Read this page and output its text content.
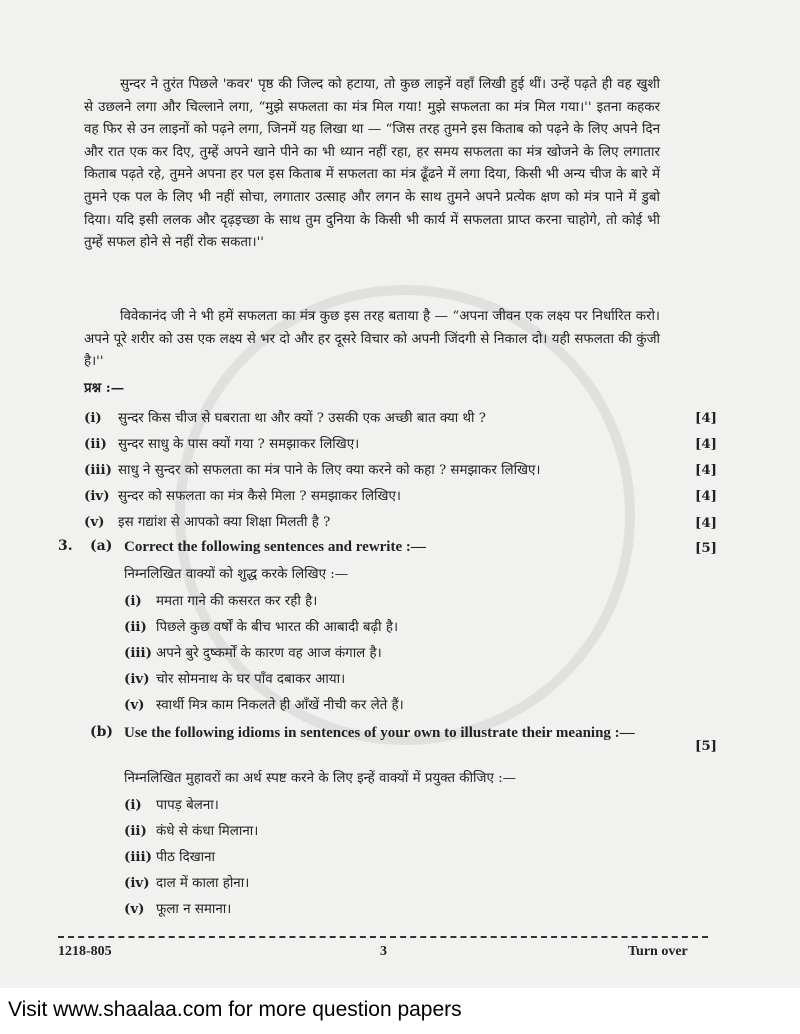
सुन्दर ने तुरंत पिछले 'कवर' पृष्ठ की जिल्द को हटाया, तो कुछ लाइनें वहाँ लिखी हुई थीं। उन्हें पढ़ते ही वह खुशी से उछलने लगा और चिल्लाने लगा, “मुझे सफलता का मंत्र मिल गया! मुझे सफलता का मंत्र मिल गया।'' इतना कहकर वह फिर से उन लाइनों को पढ़ने लगा, जिनमें यह लिखा था — “जिस तरह तुमने इस किताब को पढ़ने के लिए अपने दिन और रात एक कर दिए, तुम्हें अपने खाने पीने का भी ध्यान नहीं रहा, हर समय सफलता का मंत्र खोजने के लिए लगातार किताब पढ़ते रहे, तुमने अपना हर पल इस किताब में सफलता का मंत्र ढूँढने में लगा दिया, किसी भी अन्य चीज के बारे में तुमने एक पल के लिए भी नहीं सोचा, लगातार उत्साह और लगन के साथ तुमने अपने प्रत्येक क्षण को मंत्र पाने में डुबो दिया। यदि इसी ललक और दृढ़इच्छा के साथ तुम दुनिया के किसी भी कार्य में सफलता प्राप्त करना चाहोगे, तो कोई भी तुम्हें सफल होने से नहीं रोक सकता।''
विवेकानंद जी ने भी हमें सफलता का मंत्र कुछ इस तरह बताया है — “अपना जीवन एक लक्ष्य पर निर्धारित करो। अपने पूरे शरीर को उस एक लक्ष्य से भर दो और हर दूसरे विचार को अपनी जिंदगी से निकाल दो। यही सफलता की कुंजी है।''
प्रश्न :—
(i) सुन्दर किस चीज से घबराता था और क्यों ? उसकी एक अच्छी बात क्या थी ?	[4]
(ii) सुन्दर साधु के पास क्यों गया ? समझाकर लिखिए।	[4]
(iii) साधु ने सुन्दर को सफलता का मंत्र पाने के लिए क्या करने को कहा ? समझाकर लिखिए।	[4]
(iv) सुन्दर को सफलता का मंत्र कैसे मिला ? समझाकर लिखिए।	[4]
(v) इस गद्यांश से आपको क्या शिक्षा मिलती है ?	[4]
3. (a) Correct the following sentences and rewrite :—	[5]
निम्नलिखित वाक्यों को शुद्ध करके लिखिए :—
(i) ममता गाने की कसरत कर रही है।
(ii) पिछले कुछ वर्षों के बीच भारत की आबादी बढ़ी है।
(iii) अपने बुरे दुष्कर्मों के कारण वह आज कंगाल है।
(iv) चोर सोमनाथ के घर पाँव दबाकर आया।
(v) स्वार्थी मित्र काम निकलते ही आँखें नीची कर लेते हैं।
(b) Use the following idioms in sentences of your own to illustrate their meaning :—
[5]
निम्नलिखित मुहावरों का अर्थ स्पष्ट करने के लिए इन्हें वाक्यों में प्रयुक्त कीजिए :—
(i) पापड़ बेलना।
(ii) कंधे से कंधा मिलाना।
(iii) पीठ दिखाना
(iv) दाल में काला होना।
(v) फूला न समाना।
1218-805	3	Turn over
Visit www.shaalaa.com for more question papers
